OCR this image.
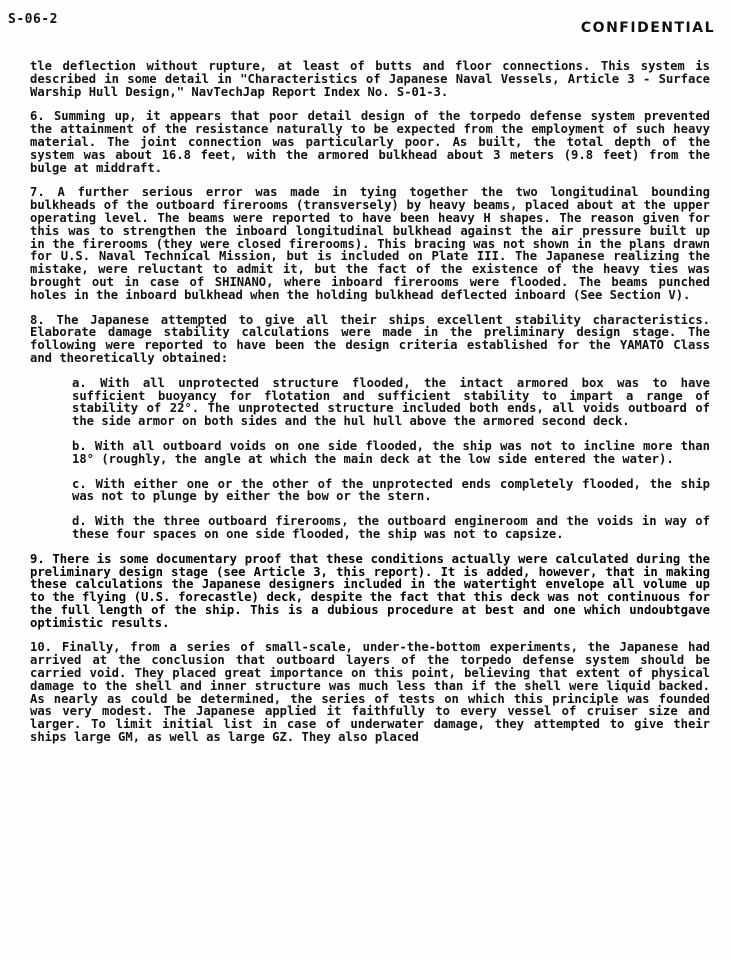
S-06-2
CONFIDENTIAL

tle deflection without rupture, at least of butts and floor connections. This system is described in some detail in "Characteristics of Japanese Naval Vessels, Article 3 - Surface Warship Hull Design," NavTechJap Report Index No. S-01-3.

6. Summing up, it appears that poor detail design of the torpedo defense system prevented the attainment of the resistance naturally to be expected from the employment of such heavy material. The joint connection was particularly poor. As built, the total depth of the system was about 16.8 feet, with the armored bulkhead about 3 meters (9.8 feet) from the bulge at middraft.

7. A further serious error was made in tying together the two longitudinal bounding bulkheads of the outboard firerooms (transversely) by heavy beams, placed about at the upper operating level. The beams were reported to have been heavy H shapes. The reason given for this was to strengthen the inboard longitudinal bulkhead against the air pressure built up in the firerooms (they were closed firerooms). This bracing was not shown in the plans drawn for U.S. Naval Technical Mission, but is included on Plate III. The Japanese realizing the mistake, were reluctant to admit it, but the fact of the existence of the heavy ties was brought out in case of SHINANO, where inboard firerooms were flooded. The beams punched holes in the inboard bulkhead when the holding bulkhead deflected inboard (See Section V).

8. The Japanese attempted to give all their ships excellent stability characteristics. Elaborate damage stability calculations were made in the preliminary design stage. The following were reported to have been the design criteria established for the YAMATO Class and theoretically obtained:

a. With all unprotected structure flooded, the intact armored box was to have sufficient buoyancy for flotation and sufficient stability to impart a range of stability of 22°. The unprotected structure included both ends, all voids outboard of the side armor on both sides and the hul hull above the armored second deck.

b. With all outboard voids on one side flooded, the ship was not to incline more than 18° (roughly, the angle at which the main deck at the low side entered the water).

c. With either one or the other of the unprotected ends completely flooded, the ship was not to plunge by either the bow or the stern.

d. With the three outboard firerooms, the outboard engineroom and the voids in way of these four spaces on one side flooded, the ship was not to capsize.

9. There is some documentary proof that these conditions actually were calculated during the preliminary design stage (see Article 3, this report). It is added, however, that in making these calculations the Japanese designers included in the watertight envelope all volume up to the flying (U.S. forecastle) deck, despite the fact that this deck was not continuous for the full length of the ship. This is a dubious procedure at best and one which undoubtgave optimistic results.

10. Finally, from a series of small-scale, under-the-bottom experiments, the Japanese had arrived at the conclusion that outboard layers of the torpedo defense system should be carried void. They placed great importance on this point, believing that extent of physical damage to the shell and inner structure was much less than if the shell were liquid backed. As nearly as could be determined, the series of tests on which this principle was founded was very modest. The Japanese applied it faithfully to every vessel of cruiser size and larger. To limit initial list in case of underwater damage, they attempted to give their ships large GM, as well as large GZ. They also placed
